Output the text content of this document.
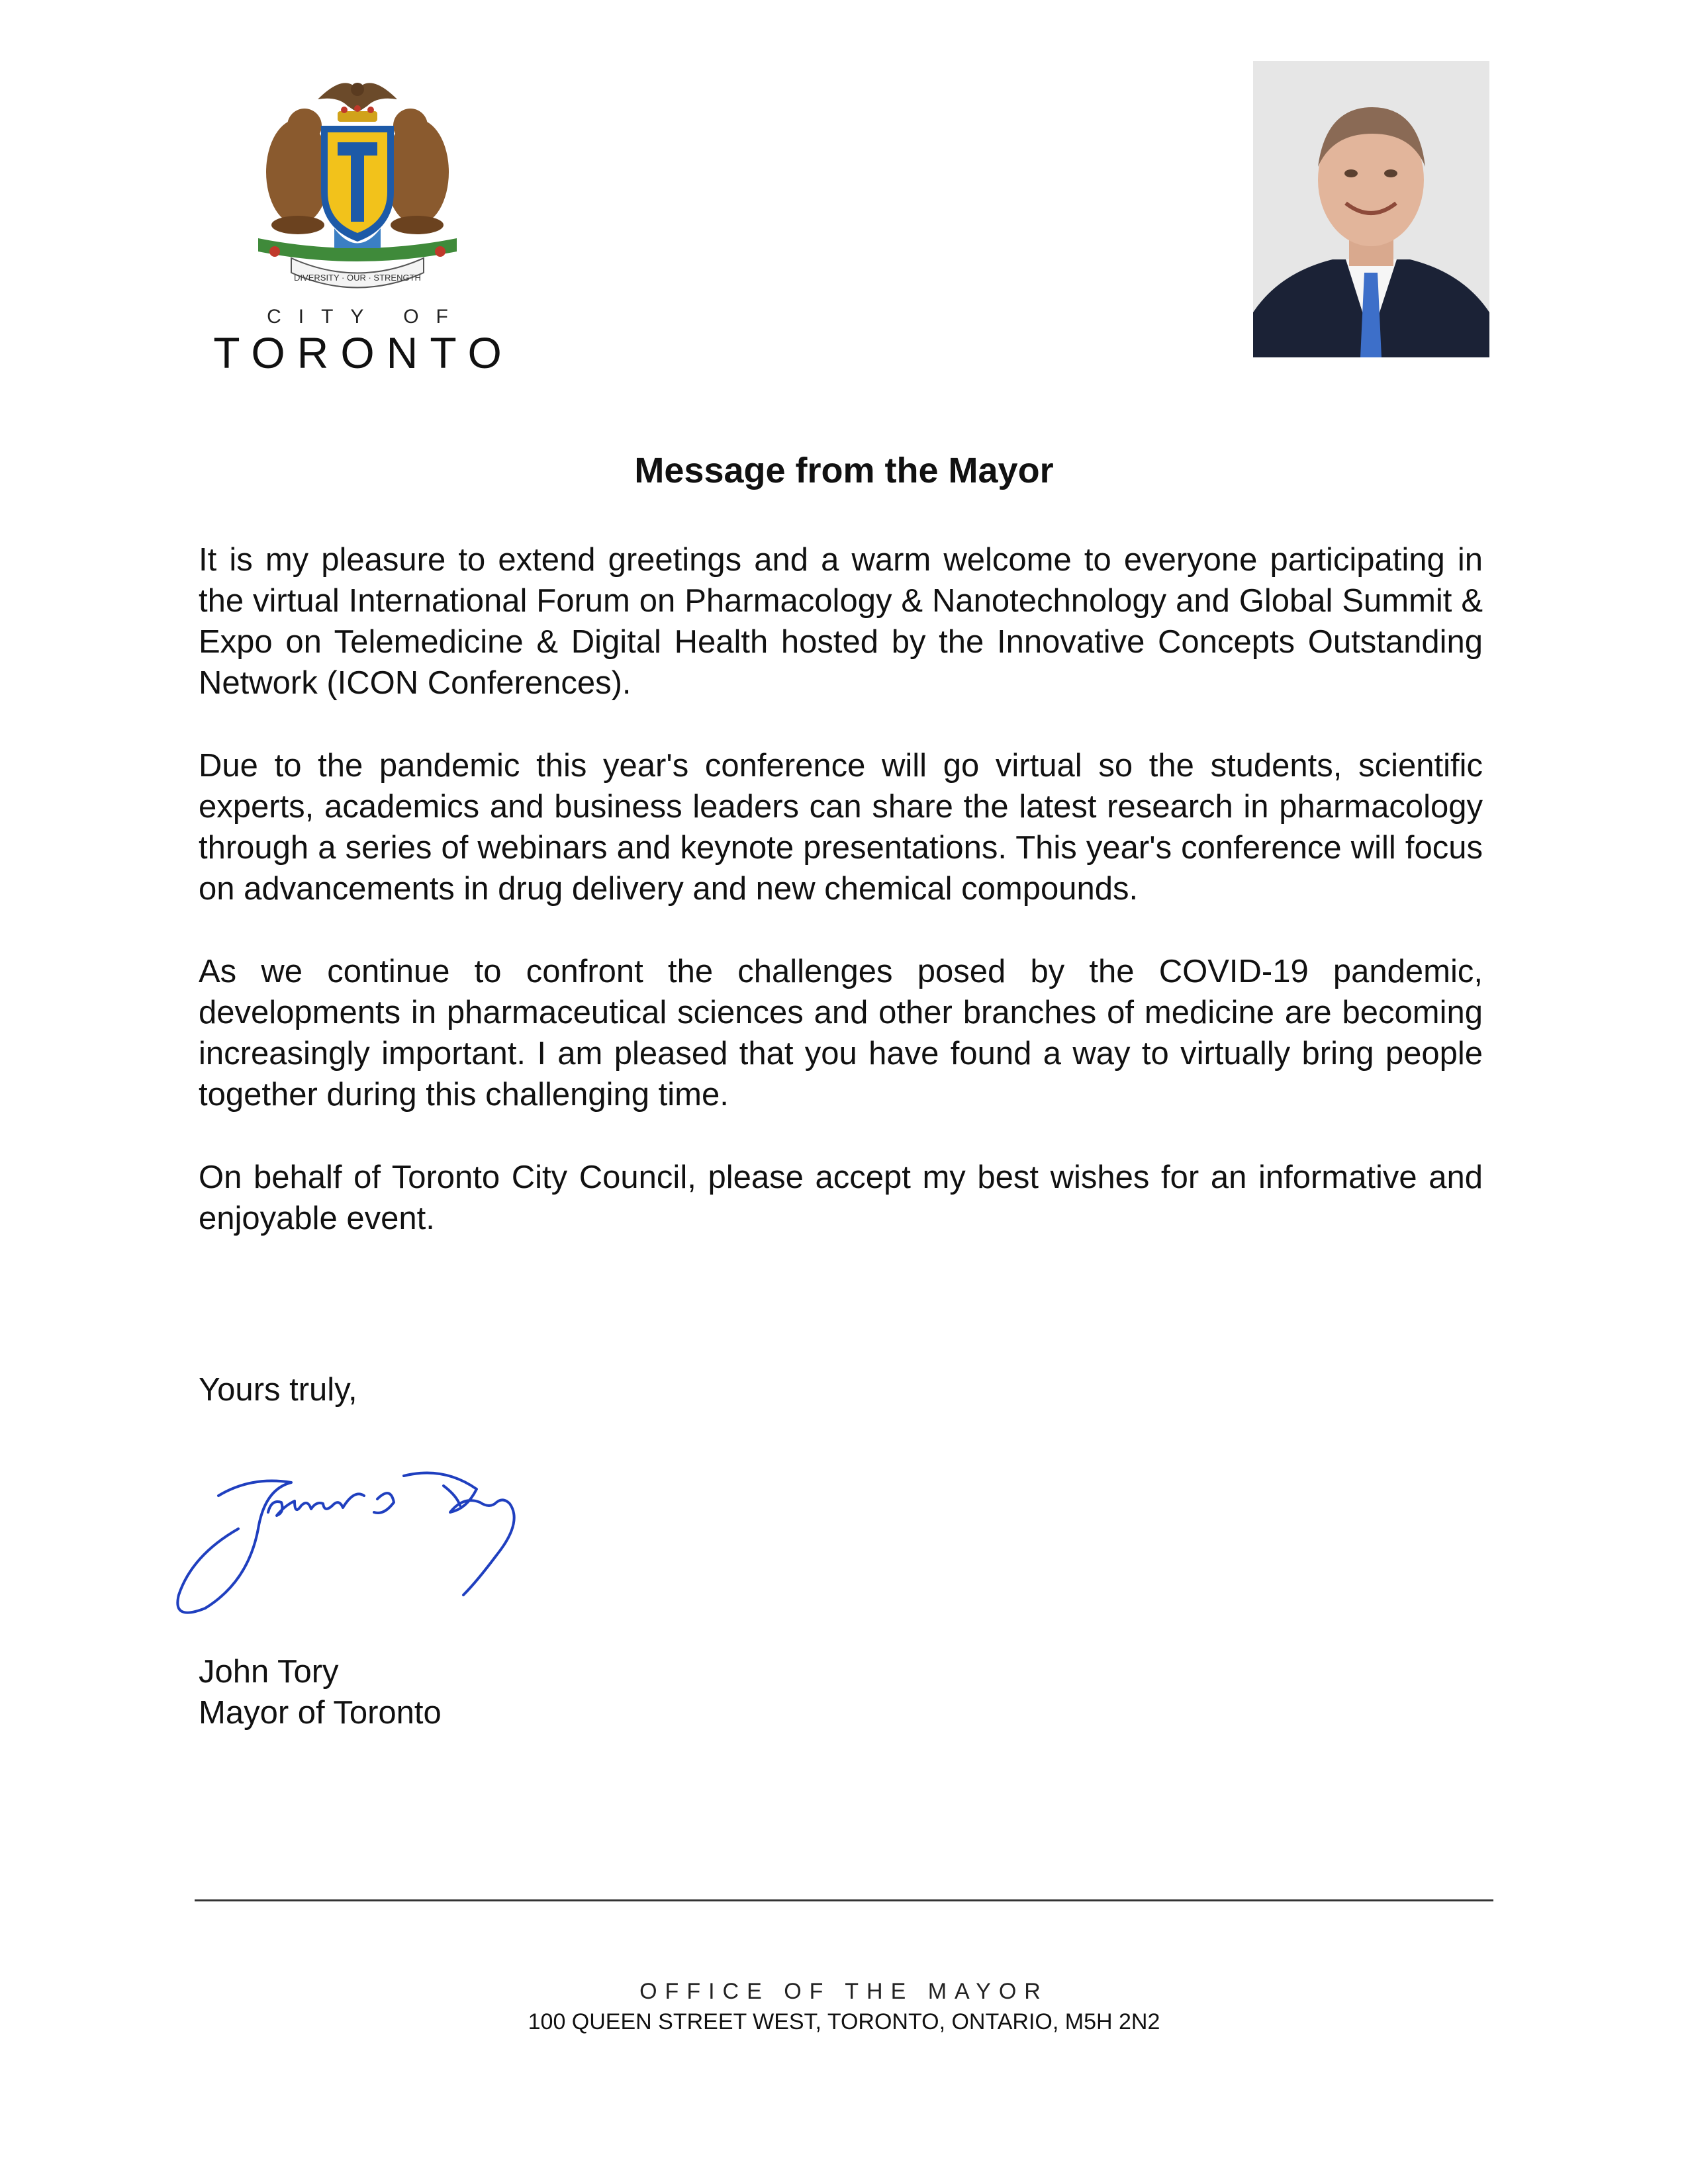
DIVERSITY · OUR · STRENGTH
CITY OF
TORONTO
Message from the Mayor

It is my pleasure to extend greetings and a warm welcome to everyone participating in the virtual International Forum on Pharmacology & Nanotechnology and Global Summit & Expo on Telemedicine & Digital Health hosted by the Innovative Concepts Outstanding Network (ICON Conferences).

Due to the pandemic this year's conference will go virtual so the students, scientific experts, academics and business leaders can share the latest research in pharmacology through a series of webinars and keynote presentations. This year's conference will focus on advancements in drug delivery and new chemical compounds.

As we continue to confront the challenges posed by the COVID-19 pandemic, developments in pharmaceutical sciences and other branches of medicine are becoming increasingly important. I am pleased that you have found a way to virtually bring people together during this challenging time.

On behalf of Toronto City Council, please accept my best wishes for an informative and enjoyable event.

Yours truly,
John Tory
Mayor of Toronto
OFFICE OF THE MAYOR
100 QUEEN STREET WEST, TORONTO, ONTARIO, M5H 2N2
